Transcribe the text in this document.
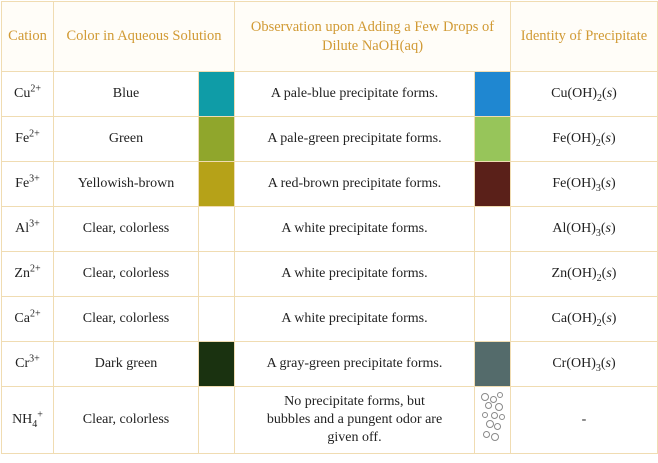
Cation	Color in Aqueous Solution		Observation upon Adding a Few Drops of Dilute NaOH(aq)		Identity of Precipitate
$Cu^{2+}$	Blue		A pale-blue precipitate forms.		$Cu(OH)_2(s)$
$Fe^{2+}$	Green		A pale-green precipitate forms.		$Fe(OH)_2(s)$
$Fe^{3+}$	Yellowish-brown		A red-brown precipitate forms.		$Fe(OH)_3(s)$
$Al^{3+}$	Clear, colorless		A white precipitate forms.		$Al(OH)_3(s)$
$Zn^{2+}$	Clear, colorless		A white precipitate forms.		$Zn(OH)_2(s)$
$Ca^{2+}$	Clear, colorless		A white precipitate forms.		$Ca(OH)_2(s)$
$Cr^{3+}$	Dark green		A gray-green precipitate forms.		$Cr(OH)_3(s)$
$NH_4^+$	Clear, colorless		No precipitate forms, but bubbles and a pungent odor are given off.		-
